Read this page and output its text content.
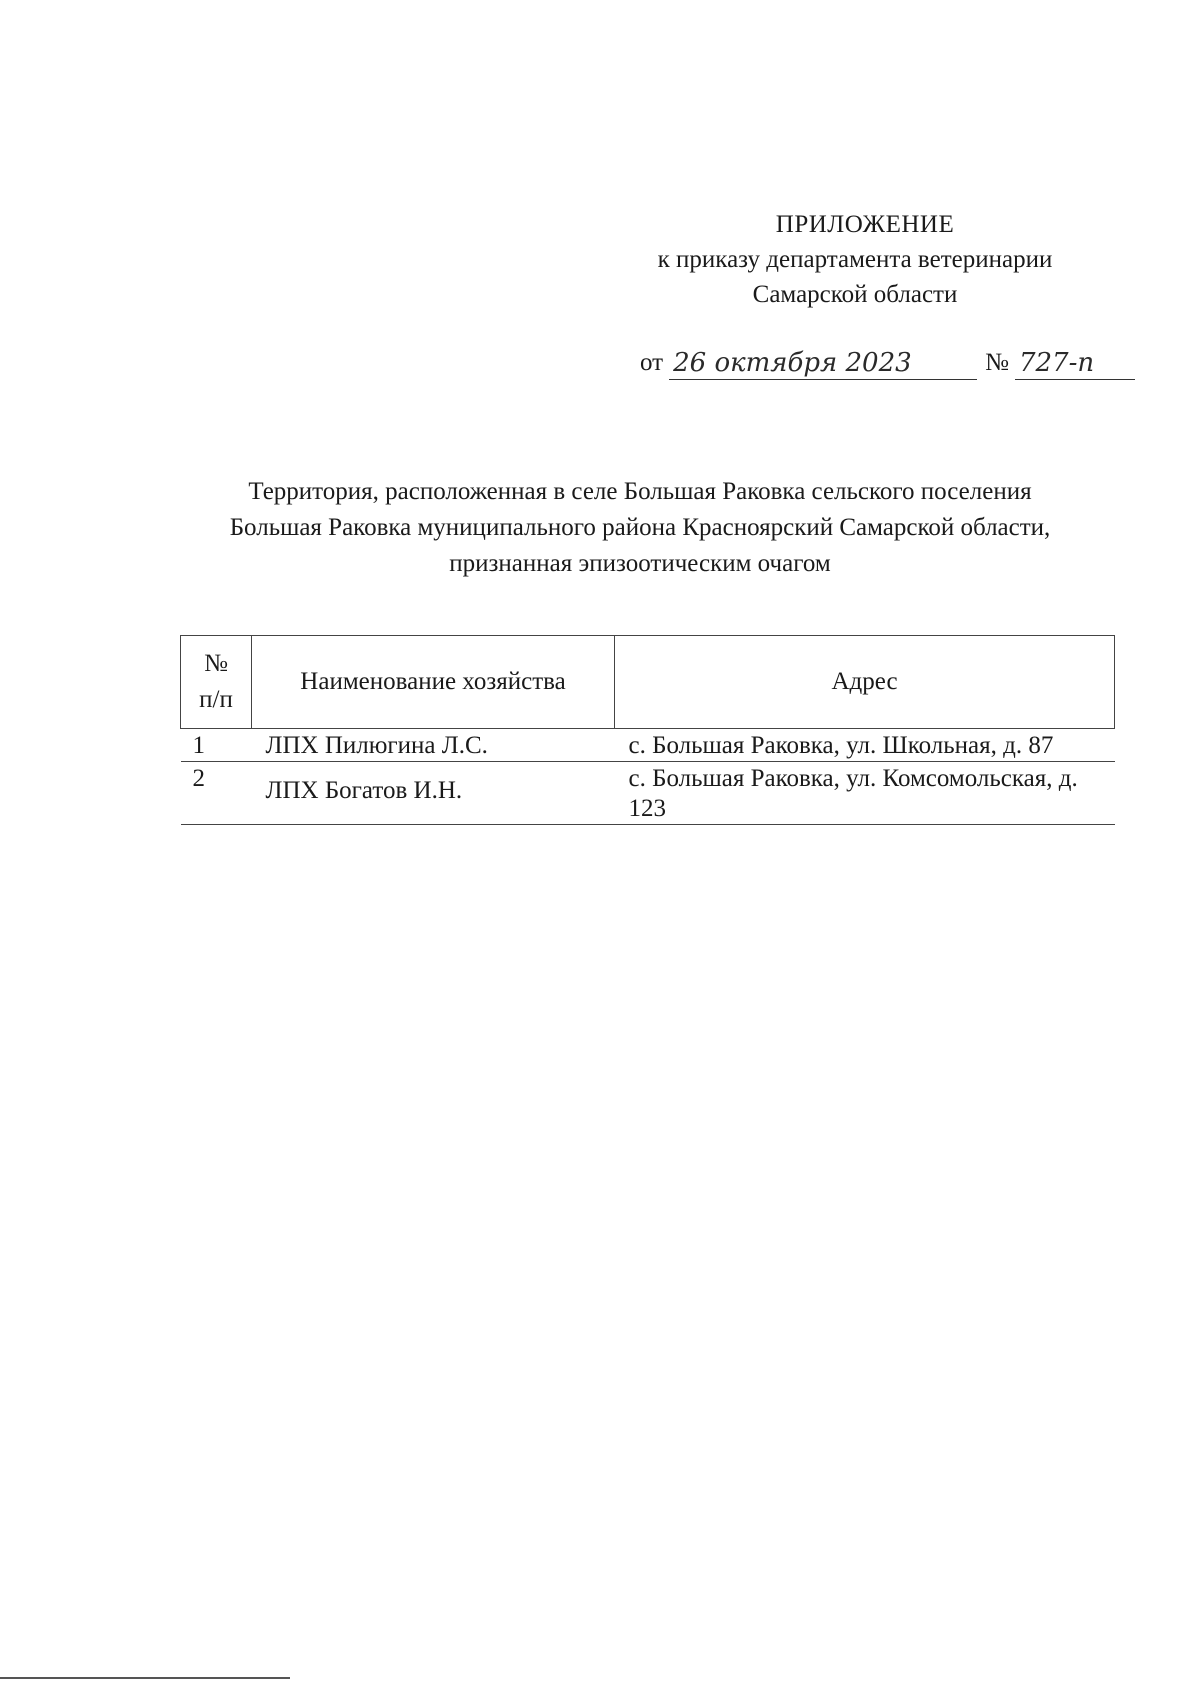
ПРИЛОЖЕНИЕ
к приказу департамента ветеринарии
Самарской области
от 26 октября 2023	№ 727-п
Территория, расположенная в селе Большая Раковка сельского поселения
Большая Раковка муниципального района Красноярский Самарской области,
признанная эпизоотическим очагом
№
п/п	Наименование хозяйства	Адрес
1	ЛПХ Пилюгина Л.С.	с. Большая Раковка, ул. Школьная, д. 87
2	ЛПХ Богатов И.Н.	с. Большая Раковка, ул. Комсомольская, д. 123
